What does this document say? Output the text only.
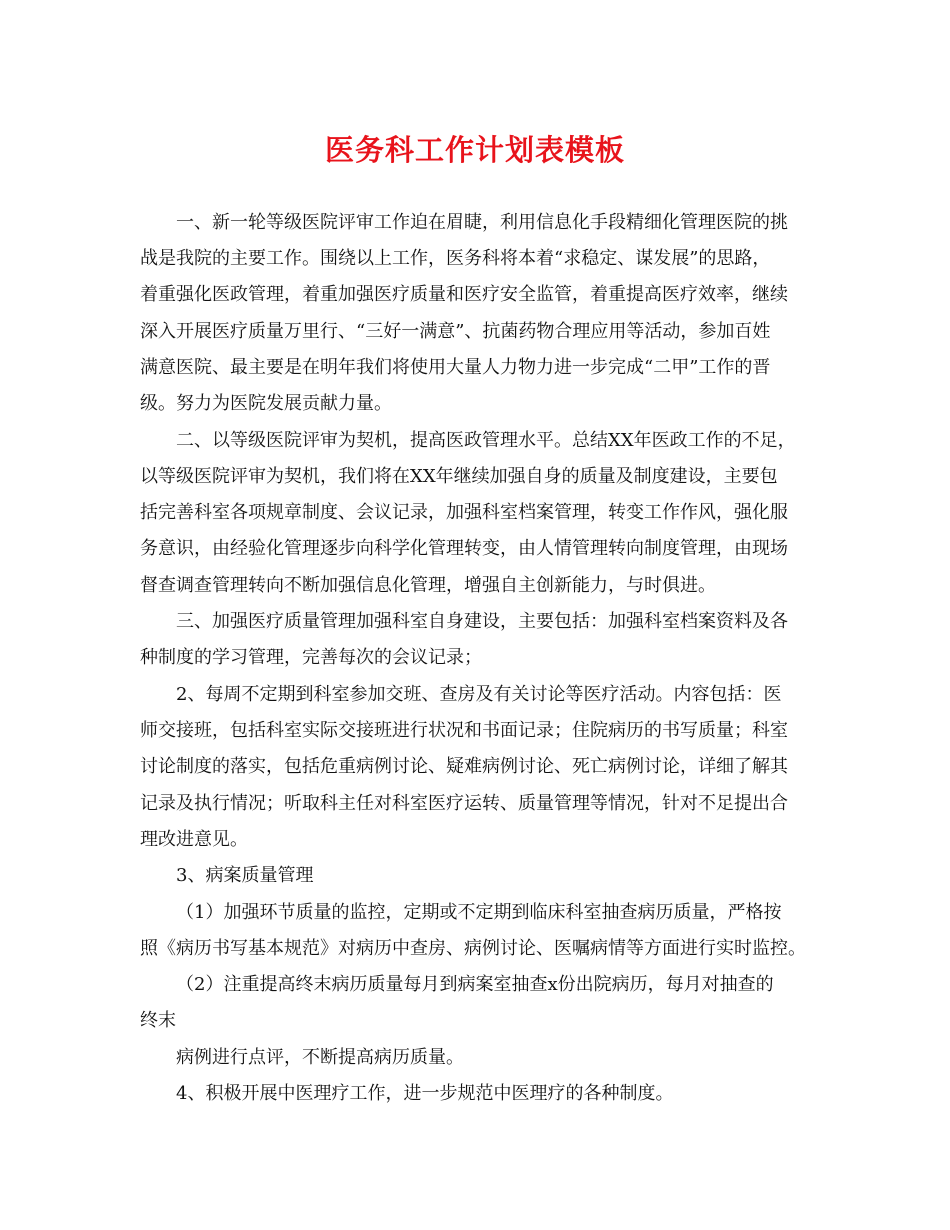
医务科工作计划表模板
一、新一轮等级医院评审工作迫在眉睫，利用信息化手段精细化管理医院的挑
战是我院的主要工作。围绕以上工作，医务科将本着“求稳定、谋发展”的思路，
着重强化医政管理，着重加强医疗质量和医疗安全监管，着重提高医疗效率，继续
深入开展医疗质量万里行、“三好一满意”、抗菌药物合理应用等活动，参加百姓
满意医院、最主要是在明年我们将使用大量人力物力进一步完成“二甲”工作的晋
级。努力为医院发展贡献力量。
二、以等级医院评审为契机，提高医政管理水平。总结XX年医政工作的不足，
以等级医院评审为契机，我们将在XX年继续加强自身的质量及制度建设，主要包
括完善科室各项规章制度、会议记录，加强科室档案管理，转变工作作风，强化服
务意识，由经验化管理逐步向科学化管理转变，由人情管理转向制度管理，由现场
督查调查管理转向不断加强信息化管理，增强自主创新能力，与时俱进。
三、加强医疗质量管理加强科室自身建设，主要包括：加强科室档案资料及各
种制度的学习管理，完善每次的会议记录；
2、每周不定期到科室参加交班、查房及有关讨论等医疗活动。内容包括：医
师交接班，包括科室实际交接班进行状况和书面记录；住院病历的书写质量；科室
讨论制度的落实，包括危重病例讨论、疑难病例讨论、死亡病例讨论，详细了解其
记录及执行情况；听取科主任对科室医疗运转、质量管理等情况，针对不足提出合
理改进意见。
3、病案质量管理
（1）加强环节质量的监控，定期或不定期到临床科室抽查病历质量，严格按
照《病历书写基本规范》对病历中查房、病例讨论、医嘱病情等方面进行实时监控。
（2）注重提高终末病历质量每月到病案室抽查x份出院病历，每月对抽查的
终末
病例进行点评，不断提高病历质量。
4、积极开展中医理疗工作，进一步规范中医理疗的各种制度。
